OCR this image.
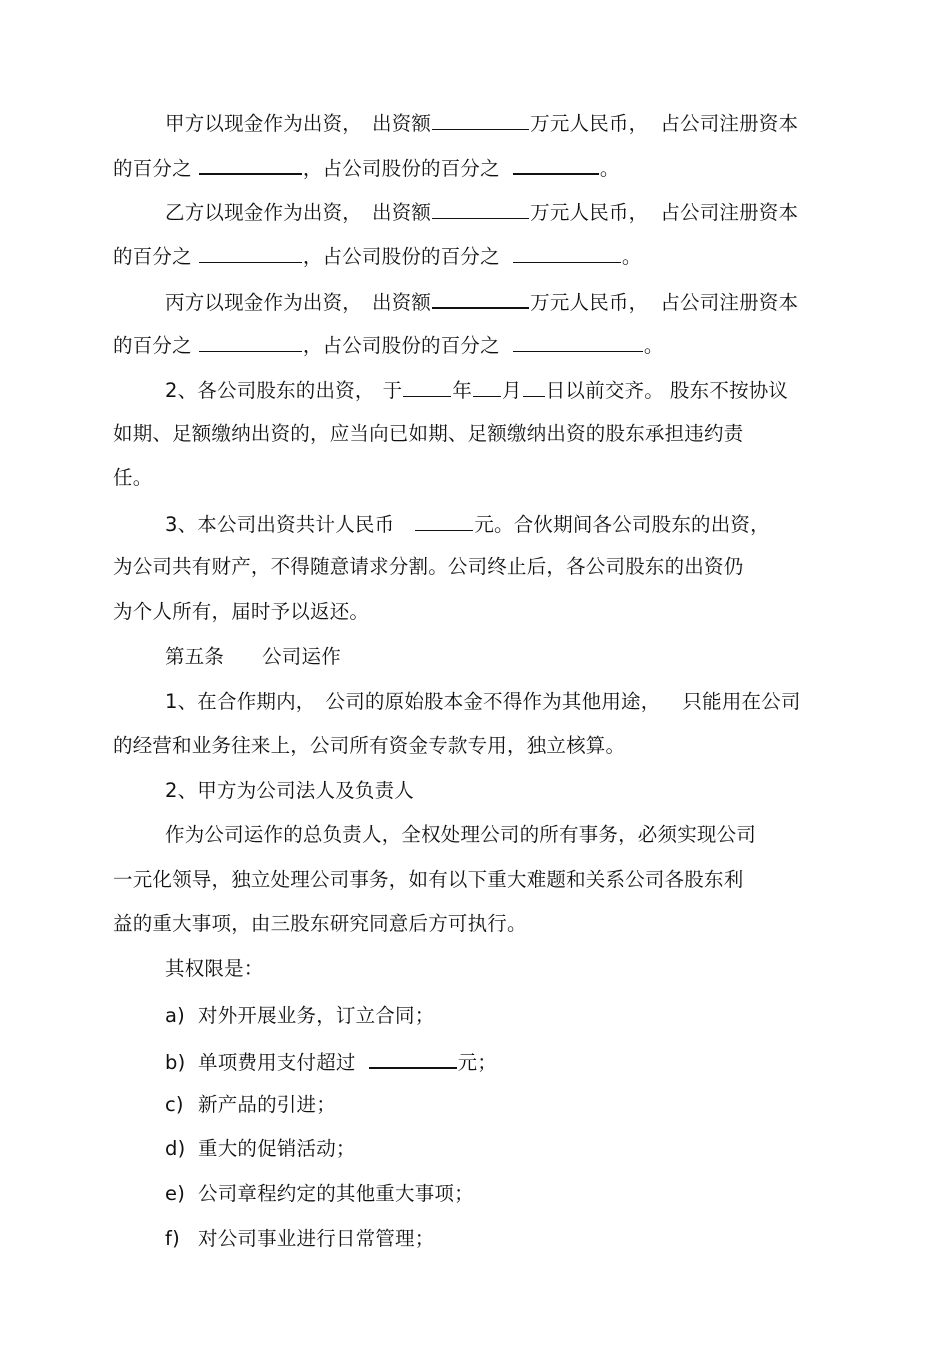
甲方以现金作为出资， 出资额	万元人民币， 占公司注册资本
的百分之	，占公司股份的百分之	。
乙方以现金作为出资， 出资额	万元人民币， 占公司注册资本
的百分之	，占公司股份的百分之	。
丙方以现金作为出资， 出资额	万元人民币， 占公司注册资本
的百分之	，占公司股份的百分之	。
2、各公司股东的出资， 于	年 月 日以前交齐。 股东不按协议
如期、足额缴纳出资的，应当向已如期、足额缴纳出资的股东承担违约责
任。
3、本公司出资共计人民币	元。合伙期间各公司股东的出资，
为公司共有财产，不得随意请求分割。公司终止后，各公司股东的出资仍
为个人所有，届时予以返还。
第五条 公司运作
1、在合作期内， 公司的原始股本金不得作为其他用途， 只能用在公司
的经营和业务往来上，公司所有资金专款专用，独立核算。
2、甲方为公司法人及负责人
作为公司运作的总负责人，全权处理公司的所有事务，必须实现公司
一元化领导，独立处理公司事务，如有以下重大难题和关系公司各股东利
益的重大事项，由三股东研究同意后方可执行。
其权限是：
a) 对外开展业务，订立合同；
b) 单项费用支付超过	元；
c) 新产品的引进；
d) 重大的促销活动；
e) 公司章程约定的其他重大事项；
f) 对公司事业进行日常管理；
